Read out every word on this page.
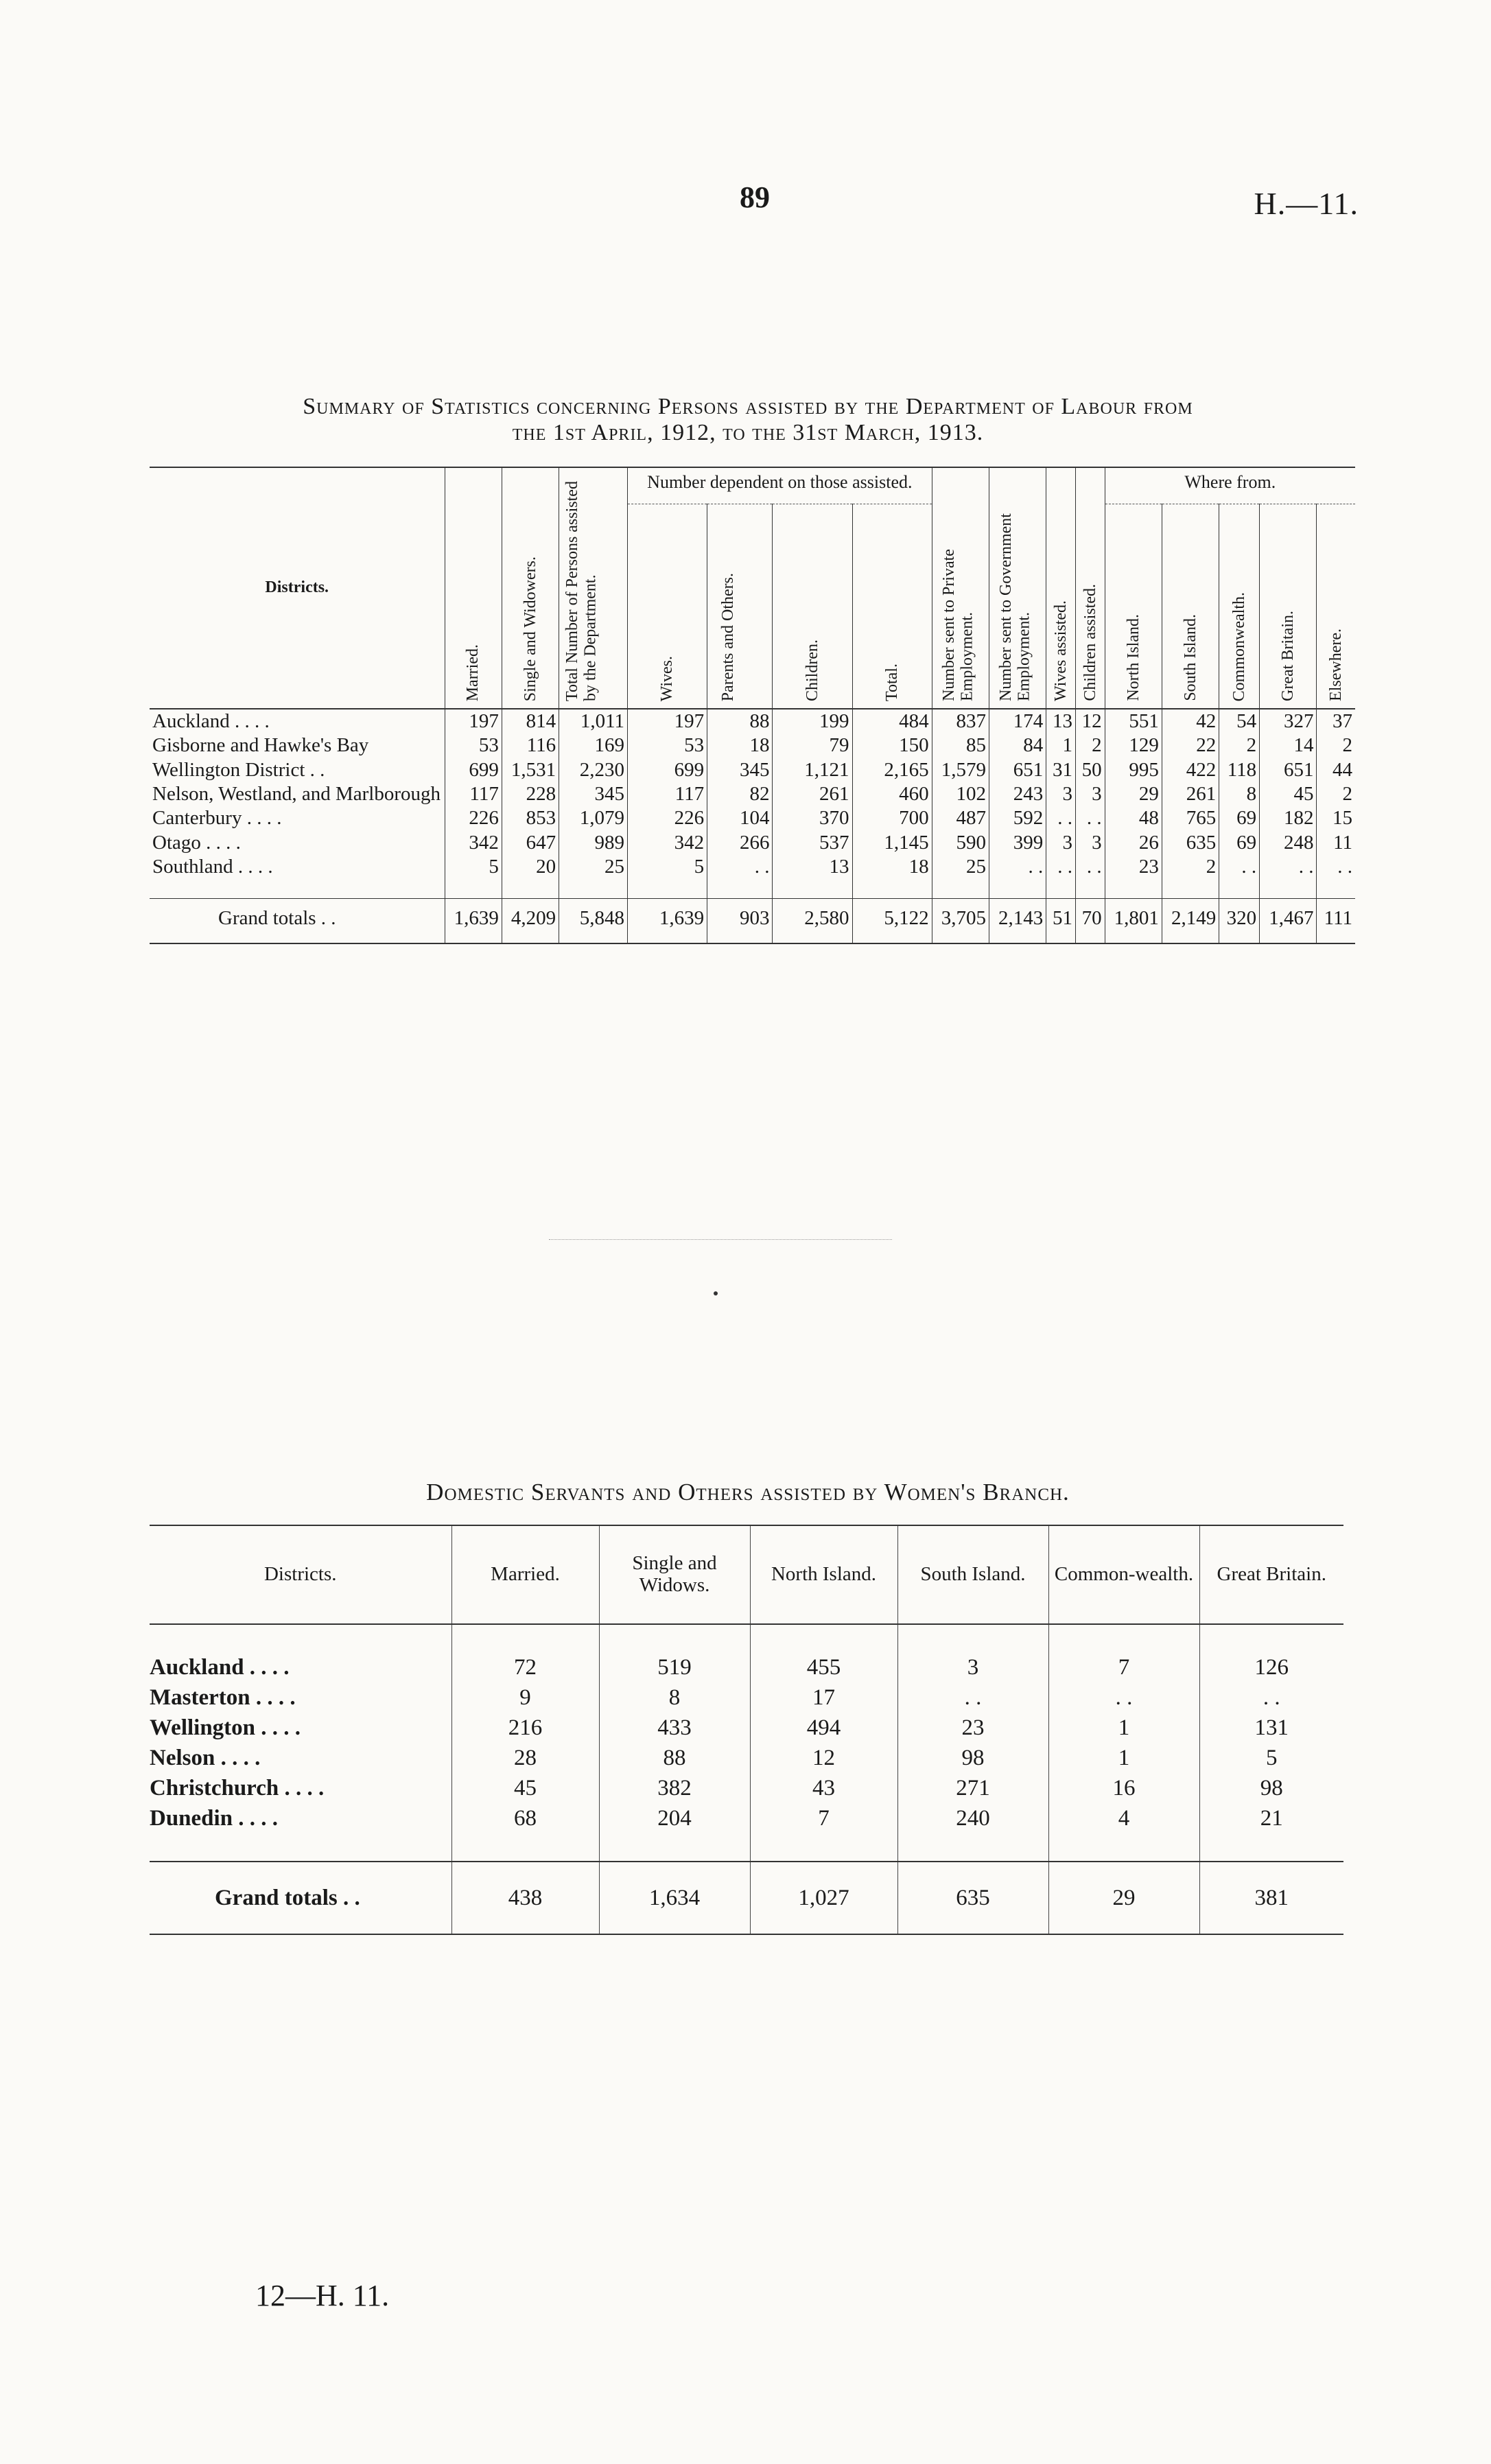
89	H.—11.
Summary of Statistics concerning Persons assisted by the Department of Labour from
the 1st April, 1912, to the 31st March, 1913.
Districts.	Married.	Single and Widowers.	Total Number of Persons assisted by the Department.	Number dependent on those assisted.				Number sent to Private Employment.	Number sent to Government Employment.	Wives assisted.	Children assisted.	Where from.				

				Wives.	Parents and Others.	Children.	Total.					North Island.	South Island.	Commonwealth.	Great Britain.	Elsewhere.

Auckland . . . .	197	814	1,011	197	88	199	484	837	174	13	12	551	42	54	327	37
Gisborne and Hawke's Bay	53	116	169	53	18	79	150	85	84	1	2	129	22	2	14	2
Wellington District . .	699	1,531	2,230	699	345	1,121	2,165	1,579	651	31	50	995	422	118	651	44
Nelson, Westland, and Marlborough	117	228	345	117	82	261	460	102	243	3	3	29	261	8	45	2
Canterbury . . . .	226	853	1,079	226	104	370	700	487	592	. .	. .	48	765	69	182	15
Otago . . . .	342	647	989	342	266	537	1,145	590	399	3	3	26	635	69	248	11
Southland . . . .	5	20	25	5	. .	13	18	25	. .	. .	. .	23	2	. .	. .	. .

Grand totals . .	1,639	4,209	5,848	1,639	903	2,580	5,122	3,705	2,143	51	70	1,801	2,149	320	1,467	111
Domestic Servants and Others assisted by Women's Branch.
Districts.	Married.	Single and Widows.	North Island.	South Island.	Common-wealth.	Great Britain.

Auckland . . . .	72	519	455	3	7	126
Masterton . . . .	9	8	17	. .	. .	. .
Wellington . . . .	216	433	494	23	1	131
Nelson . . . .	28	88	12	98	1	5
Christchurch . . . .	45	382	43	271	16	98
Dunedin . . . .	68	204	7	240	4	21

Grand totals . .	438	1,634	1,027	635	29	381
12—H. 11.
